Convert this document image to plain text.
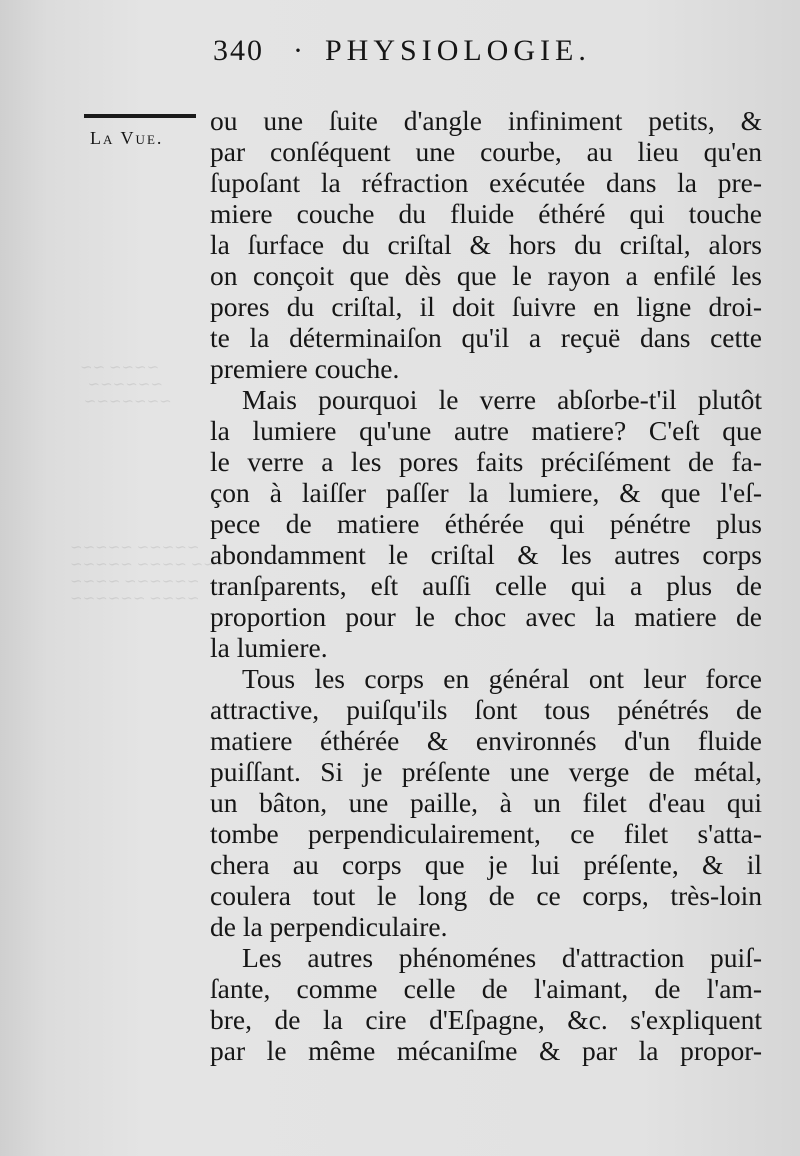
∽∽ ∽∽∽∽
∽∽∽∽∽∽
∽∽∽∽∽∽∽
∽∽∽∽∽ ∽∽∽∽∽
∽∽∽∽∽ ∽∽∽∽ ∽∽∽
∽∽∽∽ ∽∽∽∽∽∽
∽∽∽∽∽∽ ∽∽∽∽
340 · PHYSIOLOGIE.
La Vue.
ou une ſuite d'angle infiniment petits, &
par conſéquent une courbe, au lieu qu'en
ſupoſant la réfraction exécutée dans la pre-
miere couche du fluide éthéré qui touche
la ſurface du criſtal & hors du criſtal, alors
on conçoit que dès que le rayon a enfilé les
pores du criſtal, il doit ſuivre en ligne droi-
te la déterminaiſon qu'il a reçuë dans cette
premiere couche.
Mais pourquoi le verre abſorbe-t'il plutôt
la lumiere qu'une autre matiere? C'eſt que
le verre a les pores faits préciſément de fa-
çon à laiſſer paſſer la lumiere, & que l'eſ-
pece de matiere éthérée qui pénétre plus
abondamment le criſtal & les autres corps
tranſparents, eſt auſſi celle qui a plus de
proportion pour le choc avec la matiere de
la lumiere.
Tous les corps en général ont leur force
attractive, puiſqu'ils ſont tous pénétrés de
matiere éthérée & environnés d'un fluide
puiſſant. Si je préſente une verge de métal,
un bâton, une paille, à un filet d'eau qui
tombe perpendiculairement, ce filet s'atta-
chera au corps que je lui préſente, & il
coulera tout le long de ce corps, très-loin
de la perpendiculaire.
Les autres phénoménes d'attraction puiſ-
ſante, comme celle de l'aimant, de l'am-
bre, de la cire d'Eſpagne, &c. s'expliquent
par le même mécaniſme & par la propor-
